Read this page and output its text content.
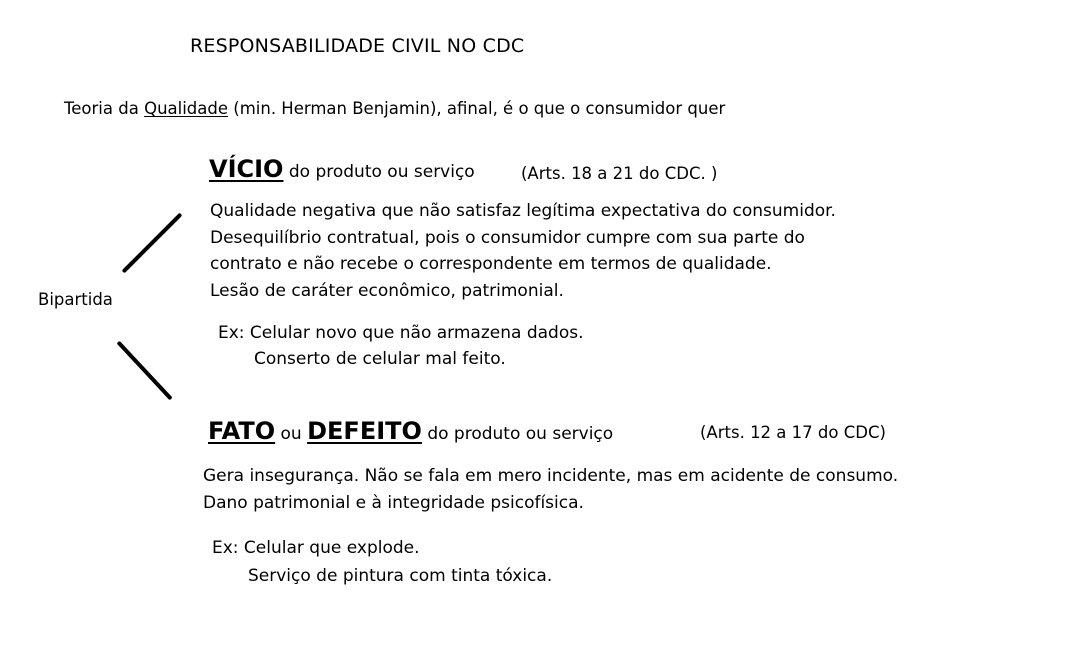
RESPONSABILIDADE CIVIL NO CDC
Teoria da Qualidade (min. Herman Benjamin), afinal, é o que o consumidor quer
Bipartida
VÍCIO do produto ou serviço	(Arts. 18 a 21 do CDC. )
Qualidade negativa que não satisfaz legítima expectativa do consumidor.
Desequilíbrio contratual, pois o consumidor cumpre com sua parte do
contrato e não recebe o correspondente em termos de qualidade.
Lesão de caráter econômico, patrimonial.
Ex: Celular novo que não armazena dados.
Conserto de celular mal feito.
FATO ou DEFEITO do produto ou serviço	(Arts. 12 a 17 do CDC)
Gera insegurança. Não se fala em mero incidente, mas em acidente de consumo.
Dano patrimonial e à integridade psicofísica.
Ex: Celular que explode.
Serviço de pintura com tinta tóxica.
